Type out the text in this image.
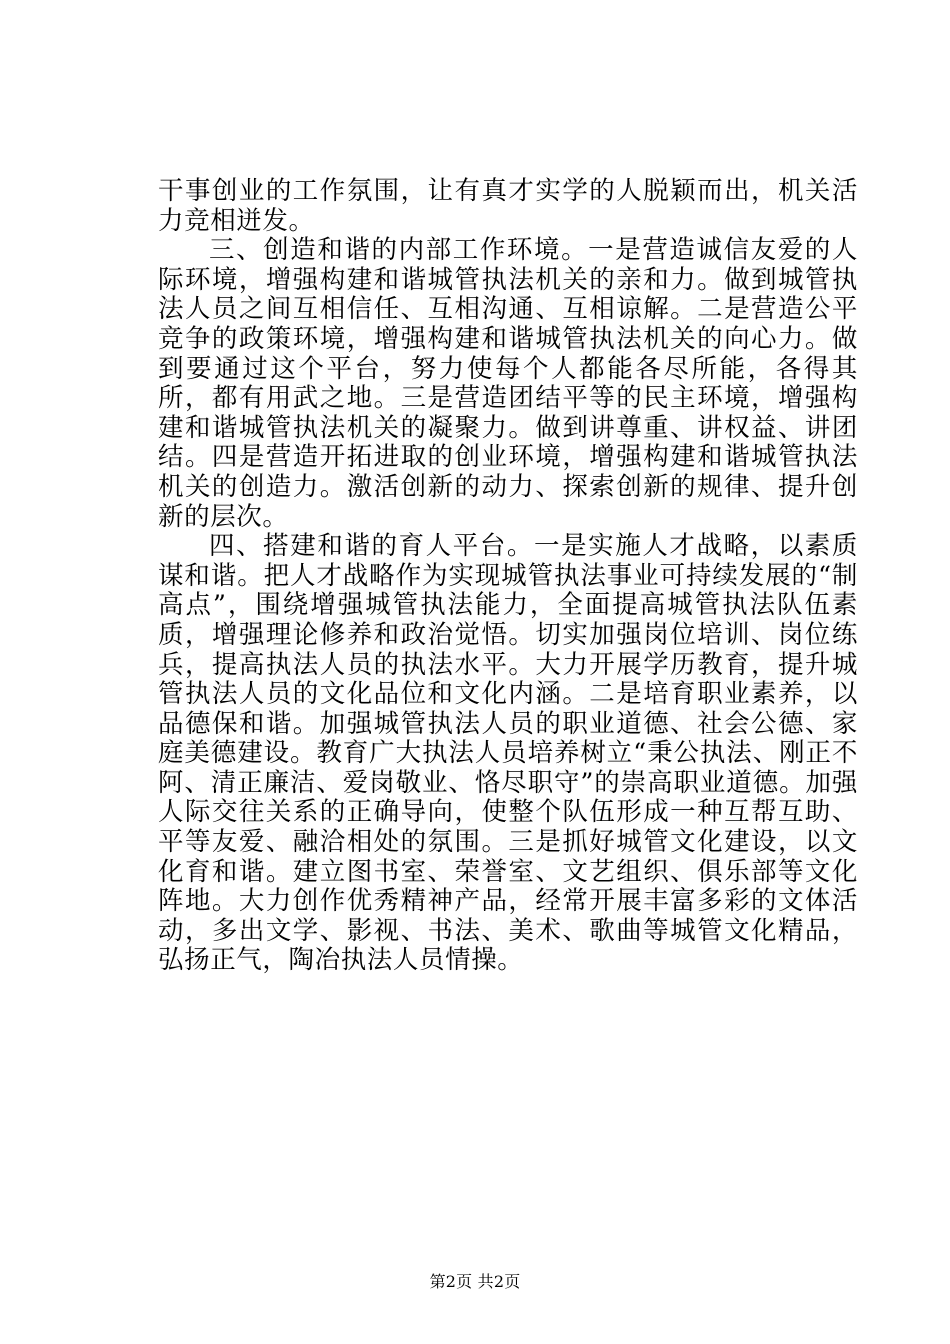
干事创业的工作氛围，让有真才实学的人脱颖而出，机关活力竞相迸发。

三、创造和谐的内部工作环境。一是营造诚信友爱的人际环境，增强构建和谐城管执法机关的亲和力。做到城管执法人员之间互相信任、互相沟通、互相谅解。二是营造公平竞争的政策环境，增强构建和谐城管执法机关的向心力。做到要通过这个平台，努力使每个人都能各尽所能，各得其所，都有用武之地。三是营造团结平等的民主环境，增强构建和谐城管执法机关的凝聚力。做到讲尊重、讲权益、讲团结。四是营造开拓进取的创业环境，增强构建和谐城管执法机关的创造力。激活创新的动力、探索创新的规律、提升创新的层次。

四、搭建和谐的育人平台。一是实施人才战略，以素质谋和谐。把人才战略作为实现城管执法事业可持续发展的“制高点”，围绕增强城管执法能力，全面提高城管执法队伍素质，增强理论修养和政治觉悟。切实加强岗位培训、岗位练兵，提高执法人员的执法水平。大力开展学历教育，提升城管执法人员的文化品位和文化内涵。二是培育职业素养，以品德保和谐。加强城管执法人员的职业道德、社会公德、家庭美德建设。教育广大执法人员培养树立“秉公执法、刚正不阿、清正廉洁、爱岗敬业、恪尽职守”的崇高职业道德。加强人际交往关系的正确导向，使整个队伍形成一种互帮互助、平等友爱、融洽相处的氛围。三是抓好城管文化建设，以文化育和谐。建立图书室、荣誉室、文艺组织、俱乐部等文化阵地。大力创作优秀精神产品，经常开展丰富多彩的文体活动，多出文学、影视、书法、美术、歌曲等城管文化精品，弘扬正气，陶冶执法人员情操。

第2页 共2页
